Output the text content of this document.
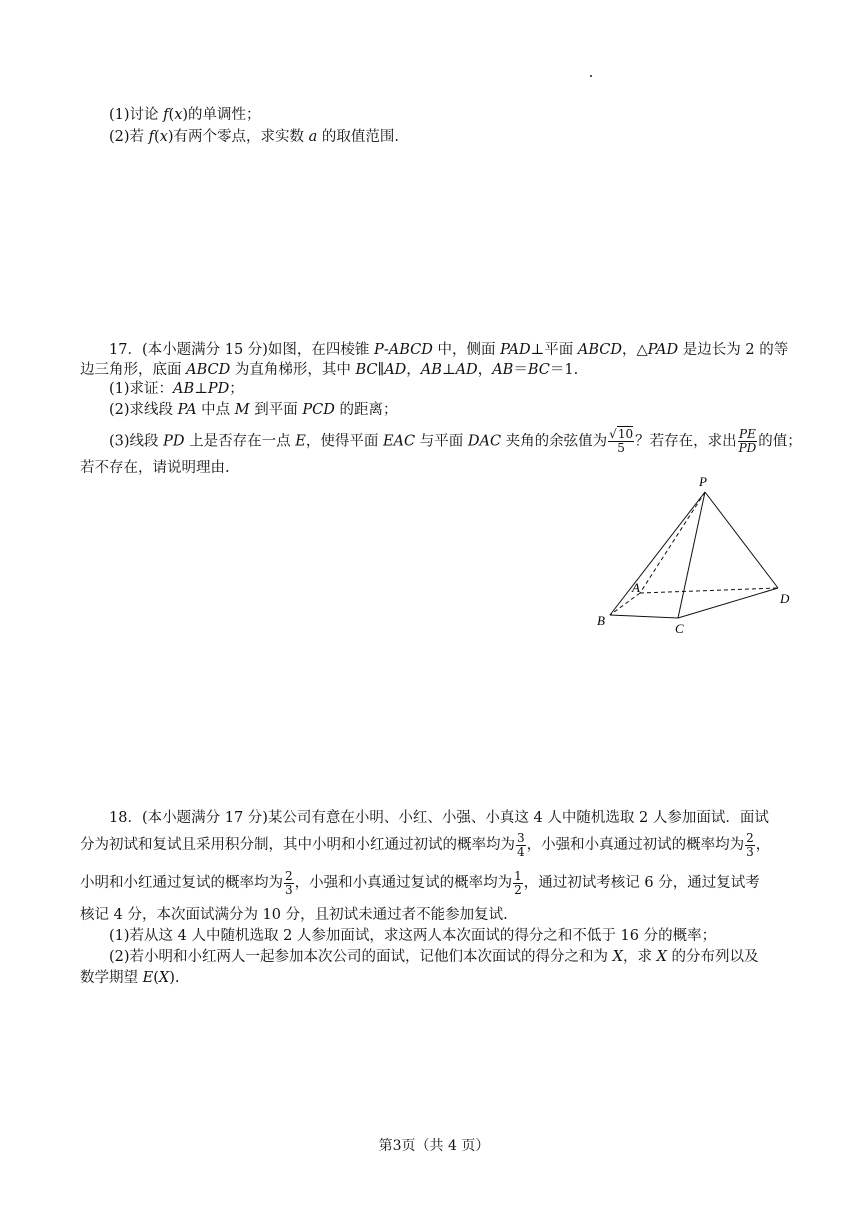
(1)讨论 f(x)的单调性；
(2)若 f(x)有两个零点，求实数 a 的取值范围.
17．(本小题满分 15 分)如图，在四棱锥 P-ABCD 中，侧面 PAD⊥平面 ABCD，△PAD 是边长为 2 的等
边三角形，底面 ABCD 为直角梯形，其中 BC∥AD，AB⊥AD，AB＝BC＝1.
(1)求证：AB⊥PD；
(2)求线段 PA 中点 M 到平面 PCD 的距离；
(3)线段 PD 上是否存在一点 E，使得平面 EAC 与平面 DAC 夹角的余弦值为 $\frac{√10}{5}$ ？若存在，求出 $\frac{PE}{PD}$ 的值；
若不存在，请说明理由.
P
A
B
C
D
18．(本小题满分 17 分)某公司有意在小明、小红、小强、小真这 4 人中随机选取 2 人参加面试．面试
分为初试和复试且采用积分制，其中小明和小红通过初试的概率均为 $\frac{3}{4}$ ，小强和小真通过初试的概率均为 $\frac{2}{3}$ ，
小明和小红通过复试的概率均为 $\frac{2}{3}$ ，小强和小真通过复试的概率均为 $\frac{1}{2}$ ，通过初试考核记 6 分，通过复试考
核记 4 分，本次面试满分为 10 分，且初试未通过者不能参加复试.
(1)若从这 4 人中随机选取 2 人参加面试，求这两人本次面试的得分之和不低于 16 分的概率；
(2)若小明和小红两人一起参加本次公司的面试，记他们本次面试的得分之和为 X，求 X 的分布列以及
数学期望 E(X).
第3页（共 4 页）
